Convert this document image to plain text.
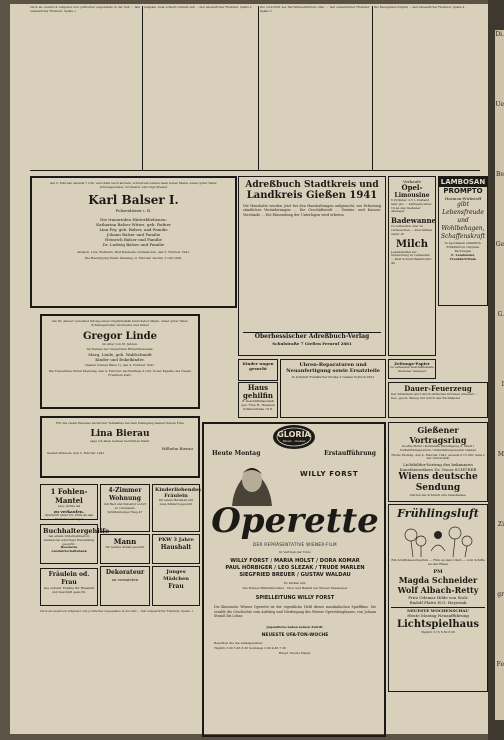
bisch als Ausdruck religiöser und politischer Gegensätze in der Zeit ... fast unleserlicher Fließtext, Spalte 1
lungsam, zwar schnell vollzieht sich ... fast unleserlicher Fließtext, Spalte 2	Die Vorschrift des Reichsfrauenführers über ... fast unleserlicher Fließtext, Spalte 3
Die Bezugsberechtigten ... fast unleserlicher Fließtext, Spalte 4
Am 3. Februar, abends 7 Uhr, verschied nach kurzem, schwerem Leiden mein lieber Mann, unser guter Vater, Schwiegervater, Großvater und Urgroßvater
Karl Balser I.
Polizeidiener i. R.
Die trauernden Hinterbliebenen:
Katharina Balser Witwe, geb. Rufner
Lina Fey, geb. Balser, und Familie
Johann Balser und Familie
Heinrich Balser und Familie
Dr. Ludwig Balser und Familie
Alsbach, Lich, Rodheim, Bad-Nauheim, Dudenhofen, den 5. Februar 1941.
Die Beerdigung findet Dienstag, 4. Februar, nachm. 2 Uhr statt.
Am 30. Januar verschied infolge eines Unglücksfalls mein lieber Mann, unser guter Vater, Schwiegervater, Großvater und Onkel
Gregor Linde
im Alter von 81 Jahren.
Im Namen der trauernden Hinterbliebenen:
Marg. Linde, geb. Waldschmidt
Kinder und Enkelkinder.
Gießen (Neuen Bäue 7), den 4. Februar 1941.
Die Trauerfeier findet Dienstag, den 4. Februar, nachmittags 3 Uhr, in der Kapelle des Neuen Friedhofs statt.
Für die vielen Beweise herzlicher Teilnahme bei dem Heimgang meiner lieben Frau
Lina Bierau
sage ich allen meinen herzlichen Dank.
Wilhelm Bierau
Gießen-Wieseck, den 3. Februar 1941.
Adreßbuch Stadtkreis und
Landkreis Gießen 1941
Die Haushalte werden jetzt bei den Haushaltungen aufgesucht, zur Erfassung sämtlicher Veränderungen ... Die Geschäftswelt ... Vereins- und Kassen-Verstände ... Die Einsendung der Unterlagen wird erbeten
Oberhessischer Adreßbuch-Verlag
Schulstraße 7 Gießen Fernruf 2881
Kinder wagen gesucht
Haus gehilfin
fr Geschäftshaushalt ges. Frau H. Theissen Schillerstraße 19 II.
Uhren-Reparaturen und Neuanfertigung sowie Ersatzteile
In Schmidt Frankfurter Straße 3 Gießen Fernruf 2561
Verkaufe
Opel-
Limousine
6 Zylinder, 2,5 l, Zustand sehr gut ... Anfragen unter 19 an das Gießener Anzeiger
Badewanne
zu verkaufen oder zu vertauschen ... Zuschriften unter 16
Milch
Lebensmittel zur Verwertung zu verkaufen ... Karl Schuck Bahnhofstr. 40
Zeitungs-Papier
zu verkaufen Geschäftsstelle Gießener Anzeiger
LAMBOSAN
PROMPTO
Harmon-Wirkstoff
gibt Lebensfreude und Wohlbehagen, Schaffenskraft
In Apotheken erhältlich. Erhältlich in Original-Packungen
E. Landsiedel, Frankfurt/Main
Dauer-Feuerzeug
Der Zündstein wird durch einfaches Drücken erneuert ... Ges. gesch. Bezug nur durch den Fachhandel
Gießener Vortragsring
Goethe-Bund / Kulturelle Vereinigung d. Stadt / Volksbildungsverein / Volksbildungsverein Gießen
Heute Montag, den 4. Februar 1941, abends 8.15 Uhr, Saal 2 der Universität
Lichtbilder-Vortrag des bekannten Kunsthistorikers Dr. Oscar SCHÜRER
Wiens deutsche Sendung
Karten bei Schmidt und Abendkasse
Frühlingsluft
Ein Schiffsbesuchsstück — Film an dem Ufern — vom Schiffe an den Rhein
PM
Magda Schneider
Wolf Albach-Retty
Fritz Odemar Hilde von Stolz
Rudolf Platte H.O. Heyerink
NEUESTE WOCHENSCHAU
Heute Montag Neuaufführung
Lichtspielhaus
Täglich 3.15 5.50 8.30
GLORIA
Palast · Gießen
Heute Montag	Erstaufführung
WILLY FORST
Operette
DER REPRÄSENTATIVE WIENER-FILM
In Vertrieb der Tobis
WILLY FORST / MARIA HOLST / DORA KOMAR
PAUL HÖRBIGER / LEO SLEZAK / TRUDE MARLEN
SIEGFRIED BREUER / GUSTAV WALDAU
Es wirken mit:
Die Wiener Philharmoniker · Chor und Ballett der Wiener Staatsoper
SPIELLEITUNG WILLY FORST
Die klassische Wiener Operette ist der eigentliche Held dieses musikalischen Spielfilms. Sie erzählt die Geschichte vom Aufstieg und Niedergang des Wiener Operettenglanzes, von Johann Strauß bis Lehar.
Jugendliche haben keinen Zutritt.
NEUESTE UFA-TON-WOCHE
Beachten Sie die Anfangszeiten:
Täglich 3.00 5.45 8.30 Sonntags 2.00 4.45 7.30
Haupt. Woche Haupt.
1 Fohlen-Mantel
neu, Größe 44
zu verkaufen.
Anschrift unter Nr. 2500 an das Gießener Anzeiger
Buchhaltergehilfe
bei einem Unternehmen in Gießen bei sofortiger Einstellung gesucht.
Hessische Landwirtschaftsbank
Fräulein od. Frau
aus ordentl. Familie für Haushalt und Geschäft gesucht.
4-Zimmer Wohnung
mit Bad und Zubehör sofort zu vermieten. Schiffenberger Weg 47
Kinderliebendes Fräulein
für einen Haushalt mit zwei Kindern gesucht
Mann
für leichte Arbeit gesucht
PKW 3 Jahre
Haushalt
Dekorateur
zu vermieten
Junges Mädchen
Frau
bisch als Ausdruck religiöser und politischer Gegensätze in der Zeit ... fast unleserlicher Fließtext, Spalte 1
Di.
Ue
Be
Ge
G.
I
M
Zi
gr
Fe
